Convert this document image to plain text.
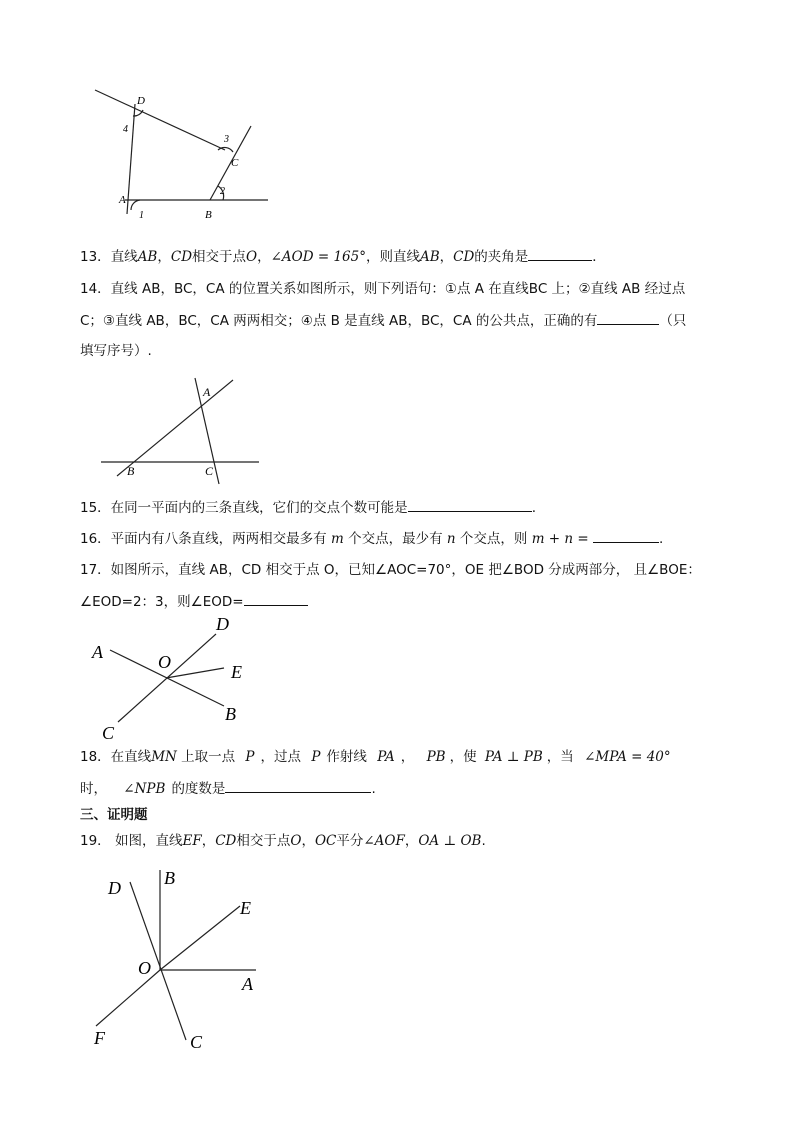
D
C
A
B
1
2
3
4
13．直线AB，CD相交于点O，∠AOD = 165°，则直线AB，CD的夹角是	．
14．直线 AB，BC，CA 的位置关系如图所示，则下列语句：①点 A 在直线BC 上；②直线 AB 经过点
C；③直线 AB，BC，CA 两两相交；④点 B 是直线 AB，BC，CA 的公共点，正确的有	（只
填写序号）.
A
B	C
15．在同一平面内的三条直线，它们的交点个数可能是	.
16．平面内有八条直线，两两相交最多有 m 个交点，最少有 n 个交点，则 m + n =	.
17．如图所示，直线 AB，CD 相交于点 O，已知∠AOC=70°，OE 把∠BOD 分成两部分， 且∠BOE：
∠EOD=2：3，则∠EOD=
A
D
O	E
B
C
18．在直线MN 上取一点 P ，过点 P 作射线 PA ， PB ，使 PA ⊥ PB ，当 ∠MPA = 40°
时， ∠NPB 的度数是	.
三、证明题
19． 如图，直线EF，CD相交于点O，OC平分∠AOF，OA ⊥ OB.
D B
E
O
A
F	C
